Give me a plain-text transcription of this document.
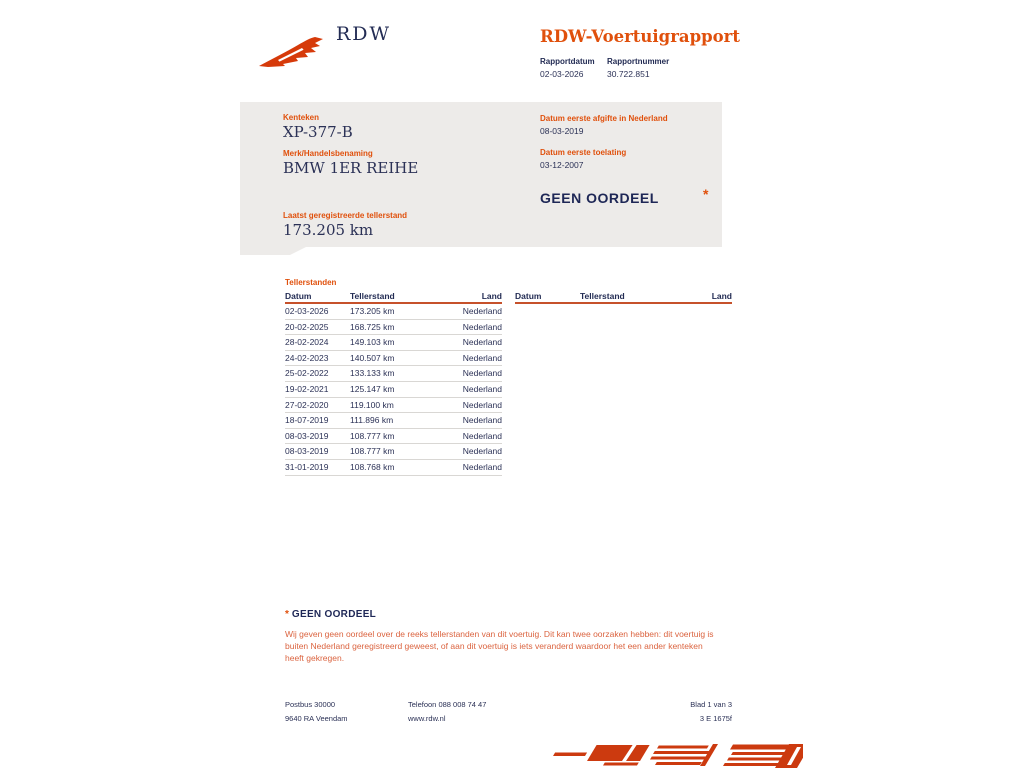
RDW	RDW-Voertuigrapport
Rapportdatum
02-03-2026
Rapportnummer
30.722.851
Kenteken
XP-377-B
Merk/Handelsbenaming
BMW 1ER REIHE
Laatst geregistreerde tellerstand
173.205 km
Datum eerste afgifte in Nederland
08-03-2019
Datum eerste toelating
03-12-2007
GEEN OORDEEL	*
Tellerstanden
Datum	Tellerstand	Land
02-03-2026	173.205 km	Nederland
20-02-2025	168.725 km	Nederland
28-02-2024	149.103 km	Nederland
24-02-2023	140.507 km	Nederland
25-02-2022	133.133 km	Nederland
19-02-2021	125.147 km	Nederland
27-02-2020	119.100 km	Nederland
18-07-2019	111.896 km	Nederland
08-03-2019	108.777 km	Nederland
08-03-2019	108.777 km	Nederland
31-01-2019	108.768 km	Nederland
Datum	Tellerstand	Land
* GEEN OORDEEL
Wij geven geen oordeel over de reeks tellerstanden van dit voertuig. Dit kan twee oorzaken hebben: dit voertuig is buiten Nederland geregistreerd geweest, of aan dit voertuig is iets veranderd waardoor het een ander kenteken heeft gekregen.
Postbus 30000
9640 RA Veendam
Telefoon 088 008 74 47
www.rdw.nl
Blad 1 van 3
3 E 1675f
